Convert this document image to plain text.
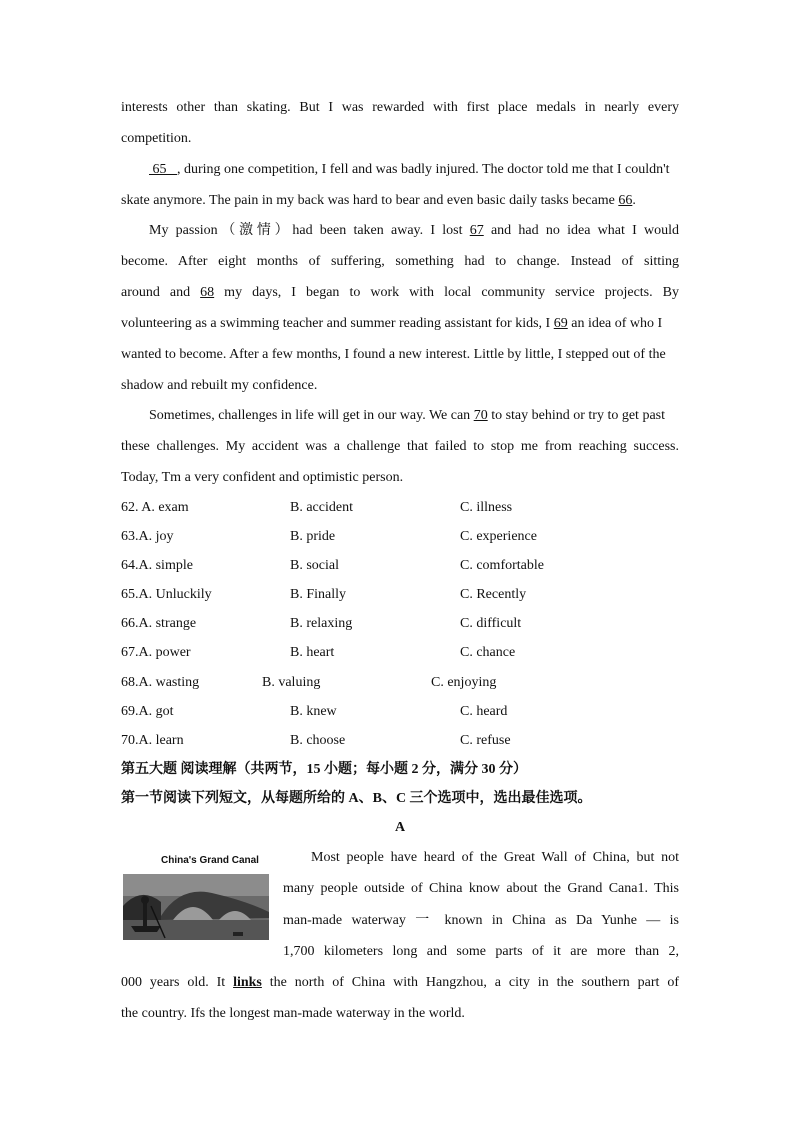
interests other than skating. But I was rewarded with first place medals in nearly every
competition.
65 , during one competition, I fell and was badly injured. The doctor told me that I couldn't
skate anymore. The pain in my back was hard to bear and even basic daily tasks became 66.
My passion（激情）had been taken away. I lost 67 and had no idea what I would
become. After eight months of suffering, something had to change. Instead of sitting
around and 68 my days, I began to work with local community service projects. By
volunteering as a swimming teacher and summer reading assistant for kids, I 69 an idea of who I
wanted to become. After a few months, I found a new interest. Little by little, I stepped out of the
shadow and rebuilt my confidence.
Sometimes, challenges in life will get in our way. We can 70 to stay behind or try to get past
these challenges. My accident was a challenge that failed to stop me from reaching success.
Today, Tm a very confident and optimistic person.
62. A. exam	B. accident	C. illness
63.A. joy	B. pride	C. experience
64.A. simple	B. social	C. comfortable
65.A. Unluckily	B. Finally	C. Recently
66.A. strange	B. relaxing	C. difficult
67.A. power	B. heart	C. chance
68.A. wasting	B. valuing	C. enjoying
69.A. got	B. knew	C. heard
70.A. learn	B. choose	C. refuse
第五大题 阅读理解（共两节，15 小题；每小题 2 分，满分 30 分）
第一节阅读下列短文，从每题所给的 A、B、C 三个选项中，选出最佳选项。
A
China's Grand Canal	Most people have heard of the Great Wall of China, but not
many people outside of China know about the Grand Cana1. This
man-made waterway 一 known in China as Da Yunhe — is
1,700 kilometers long and some parts of it are more than 2,
000 years old. It links the north of China with Hangzhou, a city in the southern part of
the country. Ifs the longest man-made waterway in the world.
